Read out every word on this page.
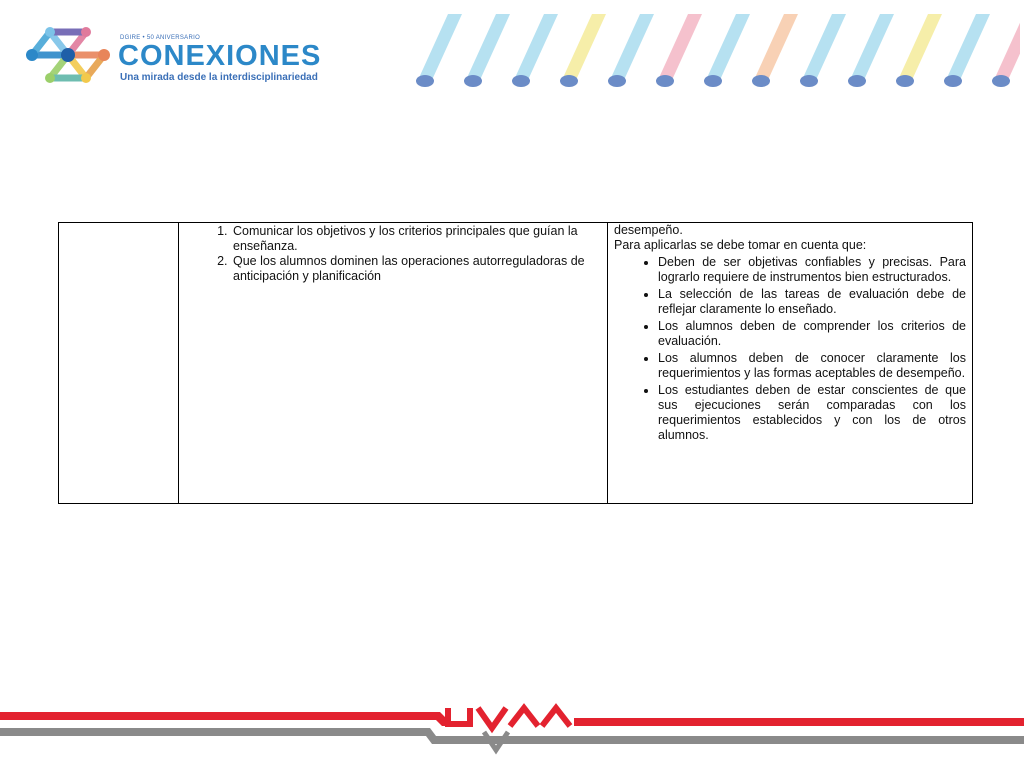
DGIRE • 50 ANIVERSARIO
CONEXIONES
Una mirada desde la interdisciplinariedad

1. Comunicar los objetivos y los criterios principales que guían la enseñanza.
2. Que los alumnos dominen las operaciones autorreguladoras de anticipación y planificación

desempeño.

Para aplicarlas se debe tomar en cuenta que:

• Deben de ser objetivas confiables y precisas. Para lograrlo requiere de instrumentos bien estructurados.
• La selección de las tareas de evaluación debe de reflejar claramente lo enseñado.
• Los alumnos deben de comprender los criterios de evaluación.
• Los alumnos deben de conocer claramente los requerimientos y las formas aceptables de desempeño.
• Los estudiantes deben de estar conscientes de que sus ejecuciones serán comparadas con los requerimientos establecidos y con los de otros alumnos.
